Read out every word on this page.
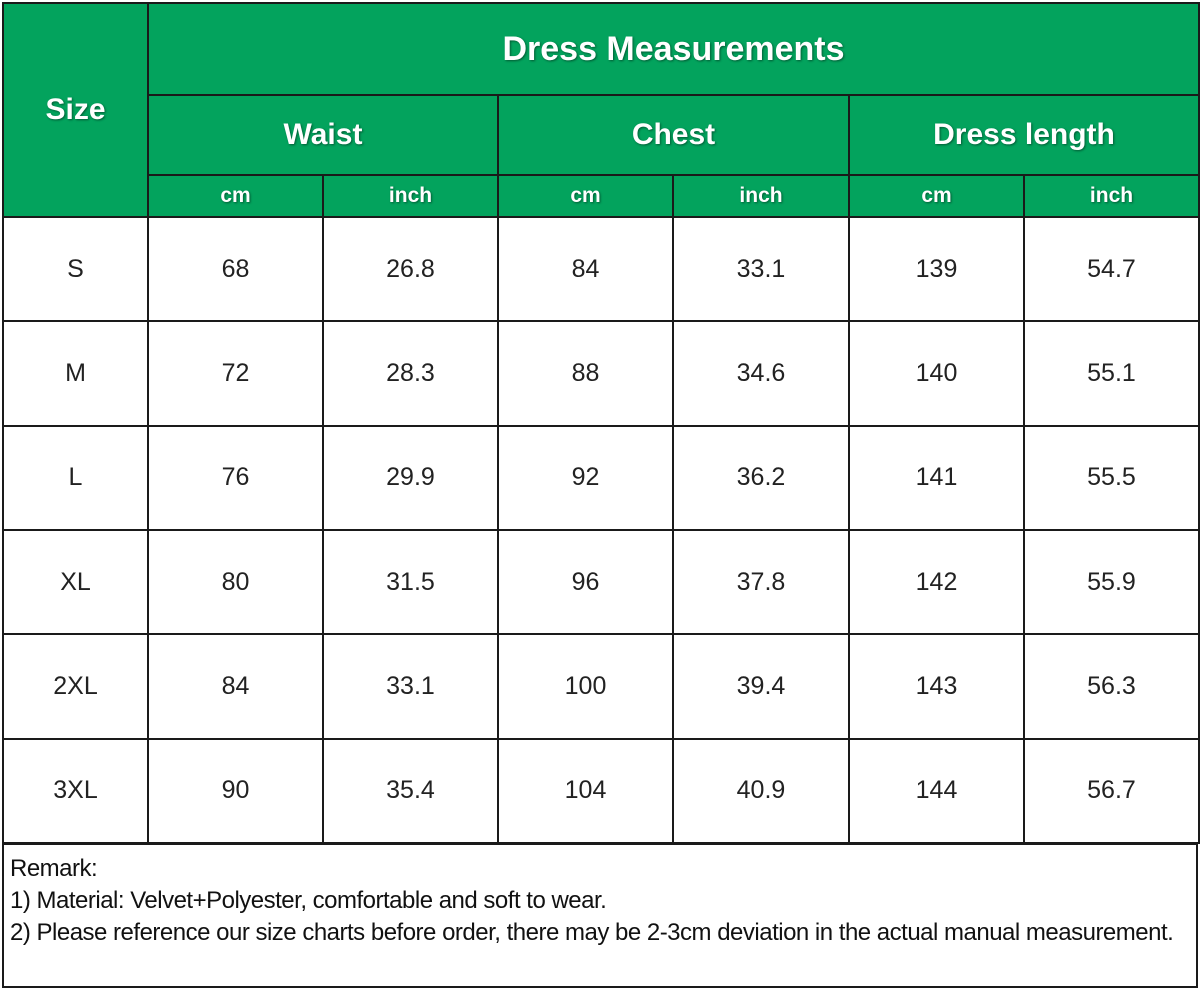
Size	Dress Measurements					
	Waist		Chest		Dress length	
	cm	inch	cm	inch	cm	inch
S	68	26.8	84	33.1	139	54.7
M	72	28.3	88	34.6	140	55.1
L	76	29.9	92	36.2	141	55.5
XL	80	31.5	96	37.8	142	55.9
2XL	84	33.1	100	39.4	143	56.3
3XL	90	35.4	104	40.9	144	56.7
Remark:
1) Material: Velvet+Polyester, comfortable and soft to wear.
2) Please reference our size charts before order, there may be 2-3cm deviation in the actual manual measurement.
